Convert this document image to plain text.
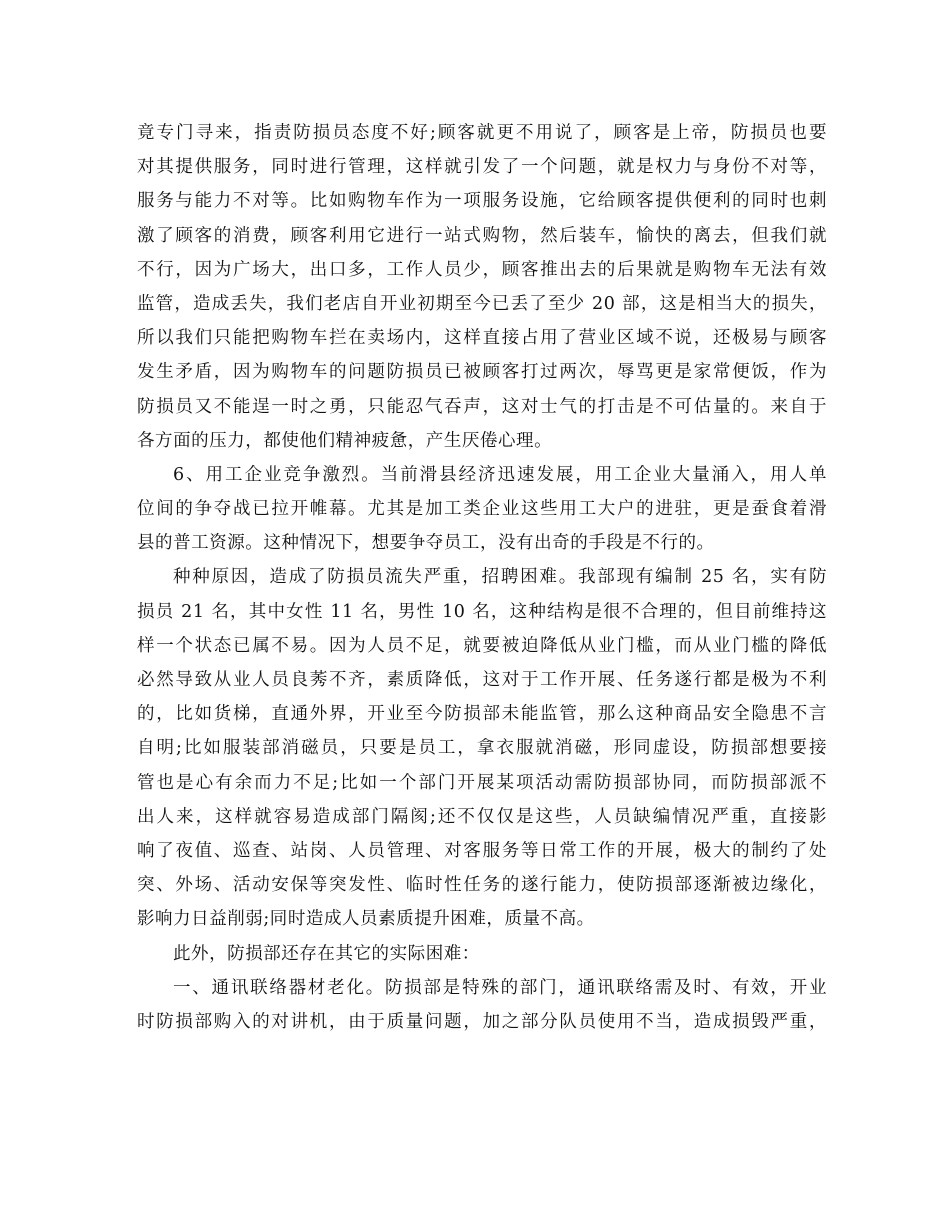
竟专门寻来，指责防损员态度不好;顾客就更不用说了，顾客是上帝，防损员也要
对其提供服务，同时进行管理，这样就引发了一个问题，就是权力与身份不对等，
服务与能力不对等。比如购物车作为一项服务设施，它给顾客提供便利的同时也刺
激了顾客的消费，顾客利用它进行一站式购物，然后装车，愉快的离去，但我们就
不行，因为广场大，出口多，工作人员少，顾客推出去的后果就是购物车无法有效
监管，造成丢失，我们老店自开业初期至今已丢了至少 20 部，这是相当大的损失，
所以我们只能把购物车拦在卖场内，这样直接占用了营业区域不说，还极易与顾客
发生矛盾，因为购物车的问题防损员已被顾客打过两次，辱骂更是家常便饭，作为
防损员又不能逞一时之勇，只能忍气吞声，这对士气的打击是不可估量的。来自于
各方面的压力，都使他们精神疲惫，产生厌倦心理。
6、用工企业竞争激烈。当前滑县经济迅速发展，用工企业大量涌入，用人单
位间的争夺战已拉开帷幕。尤其是加工类企业这些用工大户的进驻，更是蚕食着滑
县的普工资源。这种情况下，想要争夺员工，没有出奇的手段是不行的。
种种原因，造成了防损员流失严重，招聘困难。我部现有编制 25 名，实有防
损员 21 名，其中女性 11 名，男性 10 名，这种结构是很不合理的，但目前维持这
样一个状态已属不易。因为人员不足，就要被迫降低从业门槛，而从业门槛的降低
必然导致从业人员良莠不齐，素质降低，这对于工作开展、任务遂行都是极为不利
的，比如货梯，直通外界，开业至今防损部未能监管，那么这种商品安全隐患不言
自明;比如服装部消磁员，只要是员工，拿衣服就消磁，形同虚设，防损部想要接
管也是心有余而力不足;比如一个部门开展某项活动需防损部协同，而防损部派不
出人来，这样就容易造成部门隔阂;还不仅仅是这些，人员缺编情况严重，直接影
响了夜值、巡查、站岗、人员管理、对客服务等日常工作的开展，极大的制约了处
突、外场、活动安保等突发性、临时性任务的遂行能力，使防损部逐渐被边缘化，
影响力日益削弱;同时造成人员素质提升困难，质量不高。
此外，防损部还存在其它的实际困难：
一、通讯联络器材老化。防损部是特殊的部门，通讯联络需及时、有效，开业
时防损部购入的对讲机，由于质量问题，加之部分队员使用不当，造成损毁严重，
